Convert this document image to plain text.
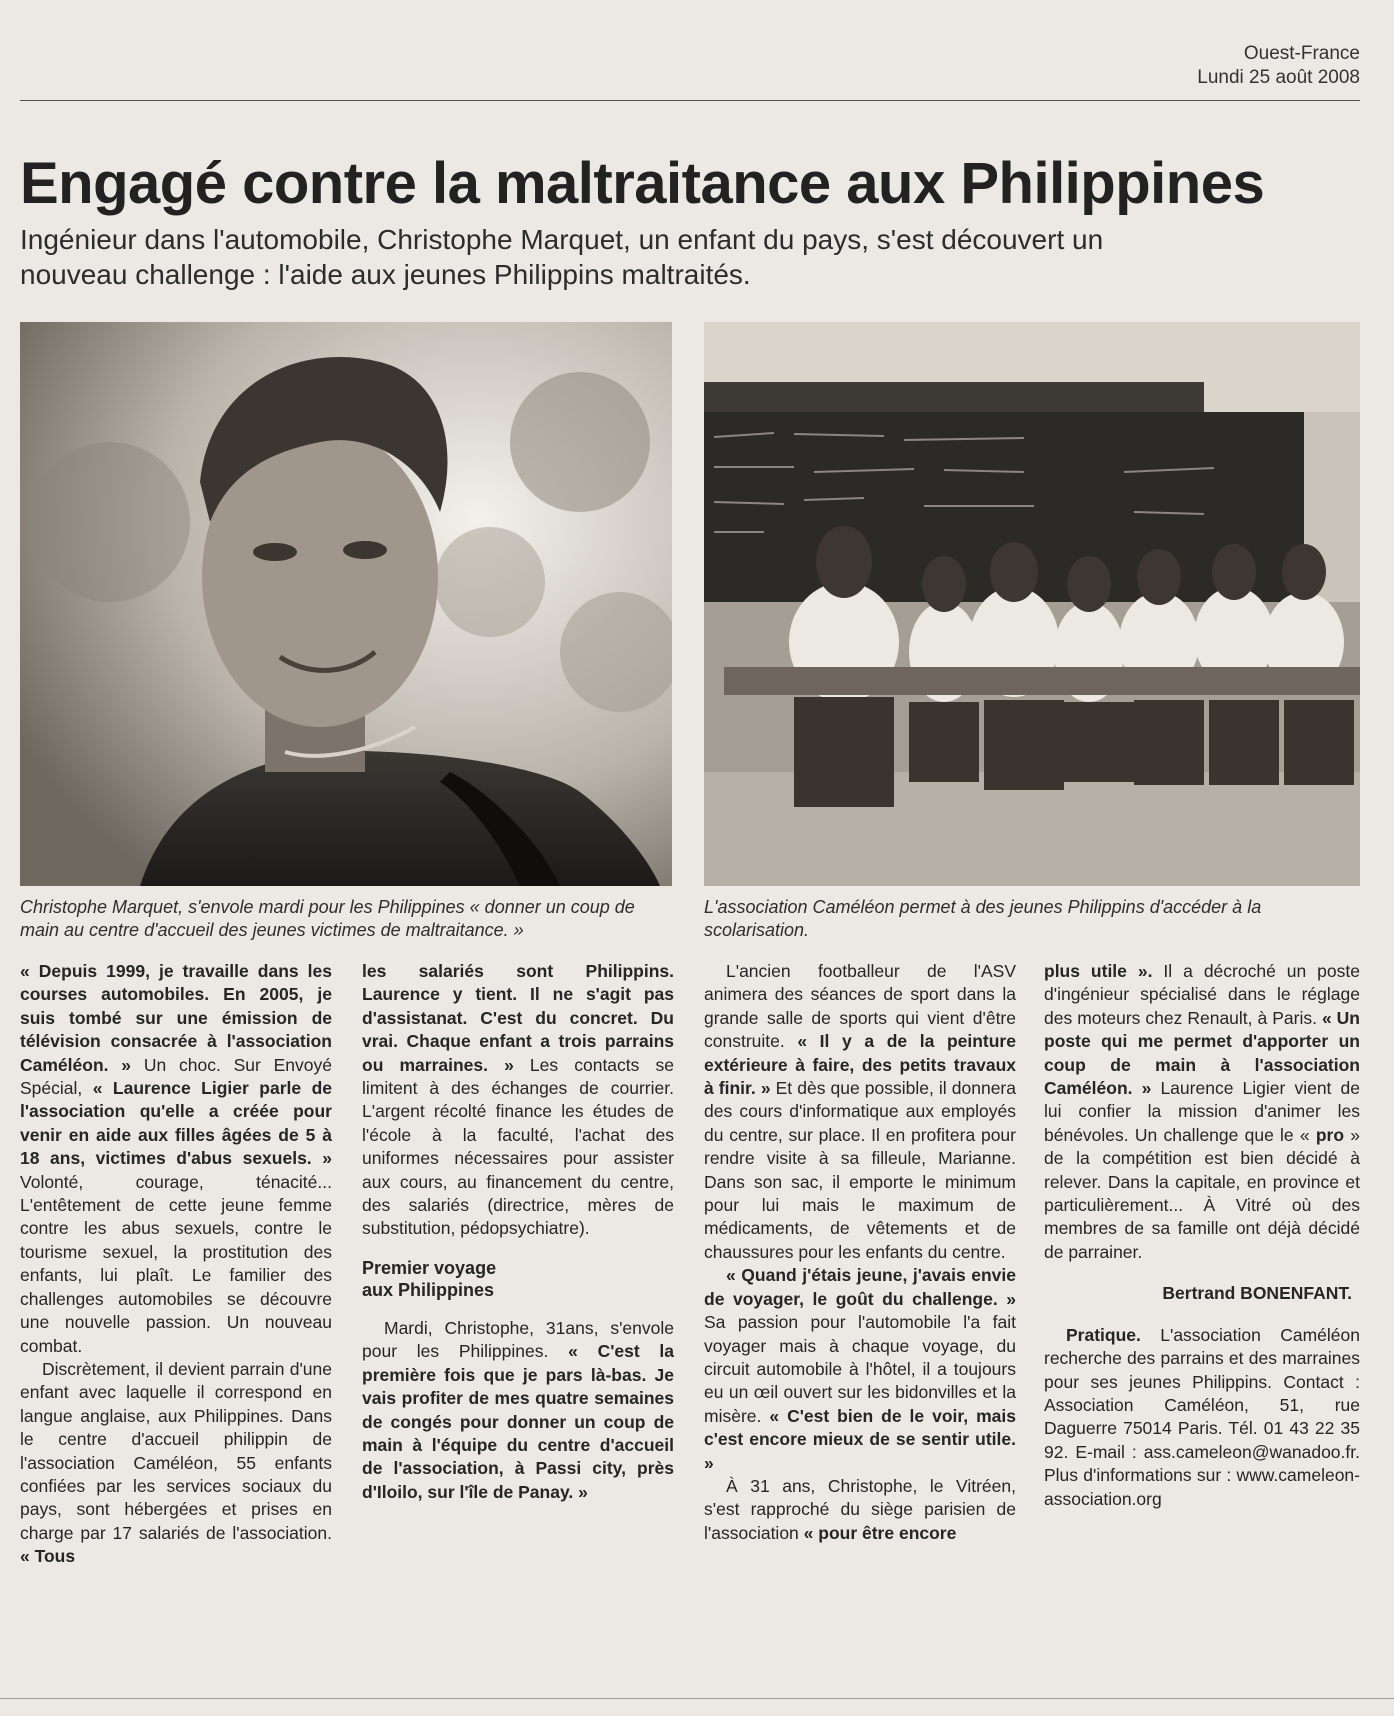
Ouest-France
Lundi 25 août 2008
Engagé contre la maltraitance aux Philippines
Ingénieur dans l'automobile, Christophe Marquet, un enfant du pays, s'est découvert un nouveau challenge : l'aide aux jeunes Philippins maltraités.
Christophe Marquet, s'envole mardi pour les Philippines « donner un coup de main au centre d'accueil des jeunes victimes de maltraitance. »
L'association Caméléon permet à des jeunes Philippins d'accéder à la scolarisation.

« Depuis 1999, je travaille dans les courses automobiles. En 2005, je suis tombé sur une émission de télévision consacrée à l'association Caméléon. » Un choc. Sur Envoyé Spécial, « Laurence Ligier parle de l'association qu'elle a créée pour venir en aide aux filles âgées de 5 à 18 ans, victimes d'abus sexuels. » Volonté, courage, ténacité... L'entêtement de cette jeune femme contre les abus sexuels, contre le tourisme sexuel, la prostitution des enfants, lui plaît. Le familier des challenges automobiles se découvre une nouvelle passion. Un nouveau combat.

Discrètement, il devient parrain d'une enfant avec laquelle il correspond en langue anglaise, aux Philippines. Dans le centre d'accueil philippin de l'association Caméléon, 55 enfants confiées par les services sociaux du pays, sont hébergées et prises en charge par 17 salariés de l'association. « Tous

les salariés sont Philippins. Laurence y tient. Il ne s'agit pas d'assistanat. C'est du concret. Du vrai. Chaque enfant a trois parrains ou marraines. » Les contacts se limitent à des échanges de courrier. L'argent récolté finance les études de l'école à la faculté, l'achat des uniformes nécessaires pour assister aux cours, au financement du centre, des salariés (directrice, mères de substitution, pédopsychiatre).

Premier voyage
aux Philippines

Mardi, Christophe, 31ans, s'envole pour les Philippines. « C'est la première fois que je pars là-bas. Je vais profiter de mes quatre semaines de congés pour donner un coup de main à l'équipe du centre d'accueil de l'association, à Passi city, près d'Iloilo, sur l'île de Panay. »

L'ancien footballeur de l'ASV animera des séances de sport dans la grande salle de sports qui vient d'être construite. « Il y a de la peinture extérieure à faire, des petits travaux à finir. » Et dès que possible, il donnera des cours d'informatique aux employés du centre, sur place. Il en profitera pour rendre visite à sa filleule, Marianne. Dans son sac, il emporte le minimum pour lui mais le maximum de médicaments, de vêtements et de chaussures pour les enfants du centre.

« Quand j'étais jeune, j'avais envie de voyager, le goût du challenge. » Sa passion pour l'automobile l'a fait voyager mais à chaque voyage, du circuit automobile à l'hôtel, il a toujours eu un œil ouvert sur les bidonvilles et la misère. « C'est bien de le voir, mais c'est encore mieux de se sentir utile. »

À 31 ans, Christophe, le Vitréen, s'est rapproché du siège parisien de l'association « pour être encore

plus utile ». Il a décroché un poste d'ingénieur spécialisé dans le réglage des moteurs chez Renault, à Paris. « Un poste qui me permet d'apporter un coup de main à l'association Caméléon. » Laurence Ligier vient de lui confier la mission d'animer les bénévoles. Un challenge que le « pro » de la compétition est bien décidé à relever. Dans la capitale, en province et particulièrement... À Vitré où des membres de sa famille ont déjà décidé de parrainer.

Bertrand BONENFANT.

Pratique. L'association Caméléon recherche des parrains et des marraines pour ses jeunes Philippins. Contact : Association Caméléon, 51, rue Daguerre 75014 Paris. Tél. 01 43 22 35 92. E-mail : ass.cameleon@wanadoo.fr. Plus d'informations sur : www.cameleon-association.org
